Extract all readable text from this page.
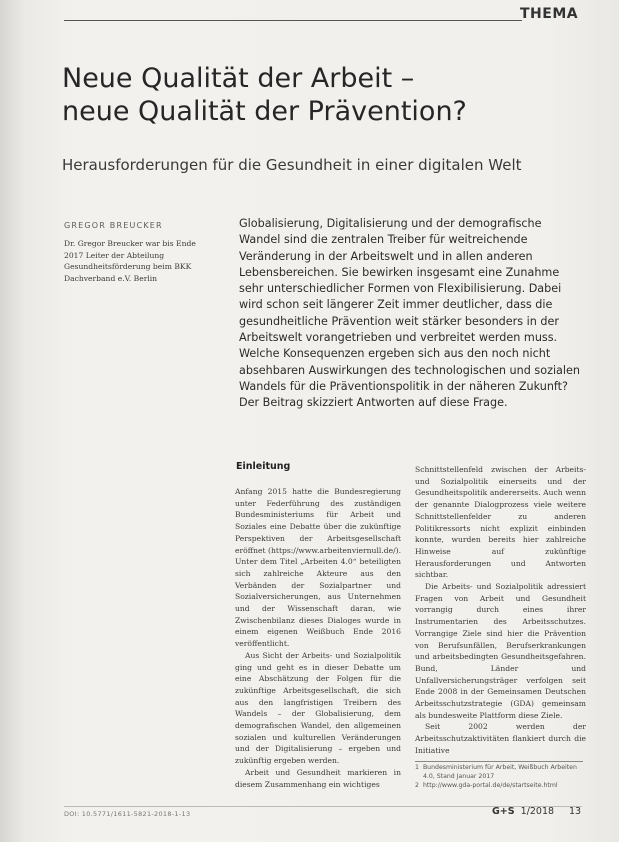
THEMA
Neue Qualität der Arbeit –
neue Qualität der Prävention?
Herausforderungen für die Gesundheit in einer digitalen Welt
GREGOR BREUCKER
Dr. Gregor Breucker war bis Ende 2017 Leiter der Abteilung Gesundheitsförderung beim BKK Dachverband e.V. Berlin
Globalisierung, Digitalisierung und der demografische Wandel sind die zentralen Treiber für weitreichende Veränderung in der Arbeitswelt und in allen anderen Lebensbereichen. Sie bewirken insgesamt eine Zunahme sehr unterschiedlicher Formen von Flexibilisierung. Dabei wird schon seit längerer Zeit immer deutlicher, dass die gesundheitliche Prävention weit stärker besonders in der Arbeitswelt vorangetrieben und verbreitet werden muss. Welche Konsequenzen ergeben sich aus den noch nicht absehbaren Auswirkungen des technologischen und sozialen Wandels für die Präventionspolitik in der näheren Zukunft? Der Beitrag skizziert Antworten auf diese Frage.
Einleitung

Anfang 2015 hatte die Bundesregierung unter Federführung des zuständigen Bundesministeriums für Arbeit und Soziales eine Debatte über die zukünftige Perspektiven der Arbeitsgesellschaft eröffnet (https://www.arbeitenviernull.de/). Unter dem Titel „Arbeiten 4.0“ beteiligten sich zahlreiche Akteure aus den Verbänden der Sozialpartner und Sozialversicherungen, aus Unternehmen und der Wissenschaft daran, wie Zwischenbilanz dieses Dialoges wurde in einem eigenen Weißbuch Ende 2016 veröffentlicht.

Aus Sicht der Arbeits- und Sozialpolitik ging und geht es in dieser Debatte um eine Abschätzung der Folgen für die zukünftige Arbeitsgesellschaft, die sich aus den langfristigen Treibern des Wandels – der Globalisierung, dem demografischen Wandel, den allgemeinen sozialen und kulturellen Veränderungen und der Digitalisierung – ergeben und zukünftig ergeben werden.

Arbeit und Gesundheit markieren in diesem Zusammenhang ein wichtiges

Schnittstellenfeld zwischen der Arbeits- und Sozialpolitik einerseits und der Gesundheitspolitik andererseits. Auch wenn der genannte Dialogprozess viele weitere Schnittstellenfelder zu anderen Politikressorts nicht explizit einbinden konnte, wurden bereits hier zahlreiche Hinweise auf zukünftige Herausforderungen und Antworten sichtbar.

Die Arbeits- und Sozialpolitik adressiert Fragen von Arbeit und Gesundheit vorrangig durch eines ihrer Instrumentarien des Arbeitsschutzes. Vorrangige Ziele sind hier die Prävention von Berufsunfällen, Berufserkrankungen und arbeitsbedingten Gesundheitsgefahren. Bund, Länder und Unfallversicherungsträger verfolgen seit Ende 2008 in der Gemeinsamen Deutschen Arbeitsschutzstrategie (GDA) gemeinsam als bundesweite Plattform diese Ziele.

Seit 2002 werden der Arbeitsschutzaktivitäten flankiert durch die Initiative

1 Bundesministerium für Arbeit, Weißbuch Arbeiten 4.0, Stand Januar 2017
2 http://www.gda-portal.de/de/startseite.html
DOI: 10.5771/1611-5821-2018-1-13	G+S 1/2018 13
